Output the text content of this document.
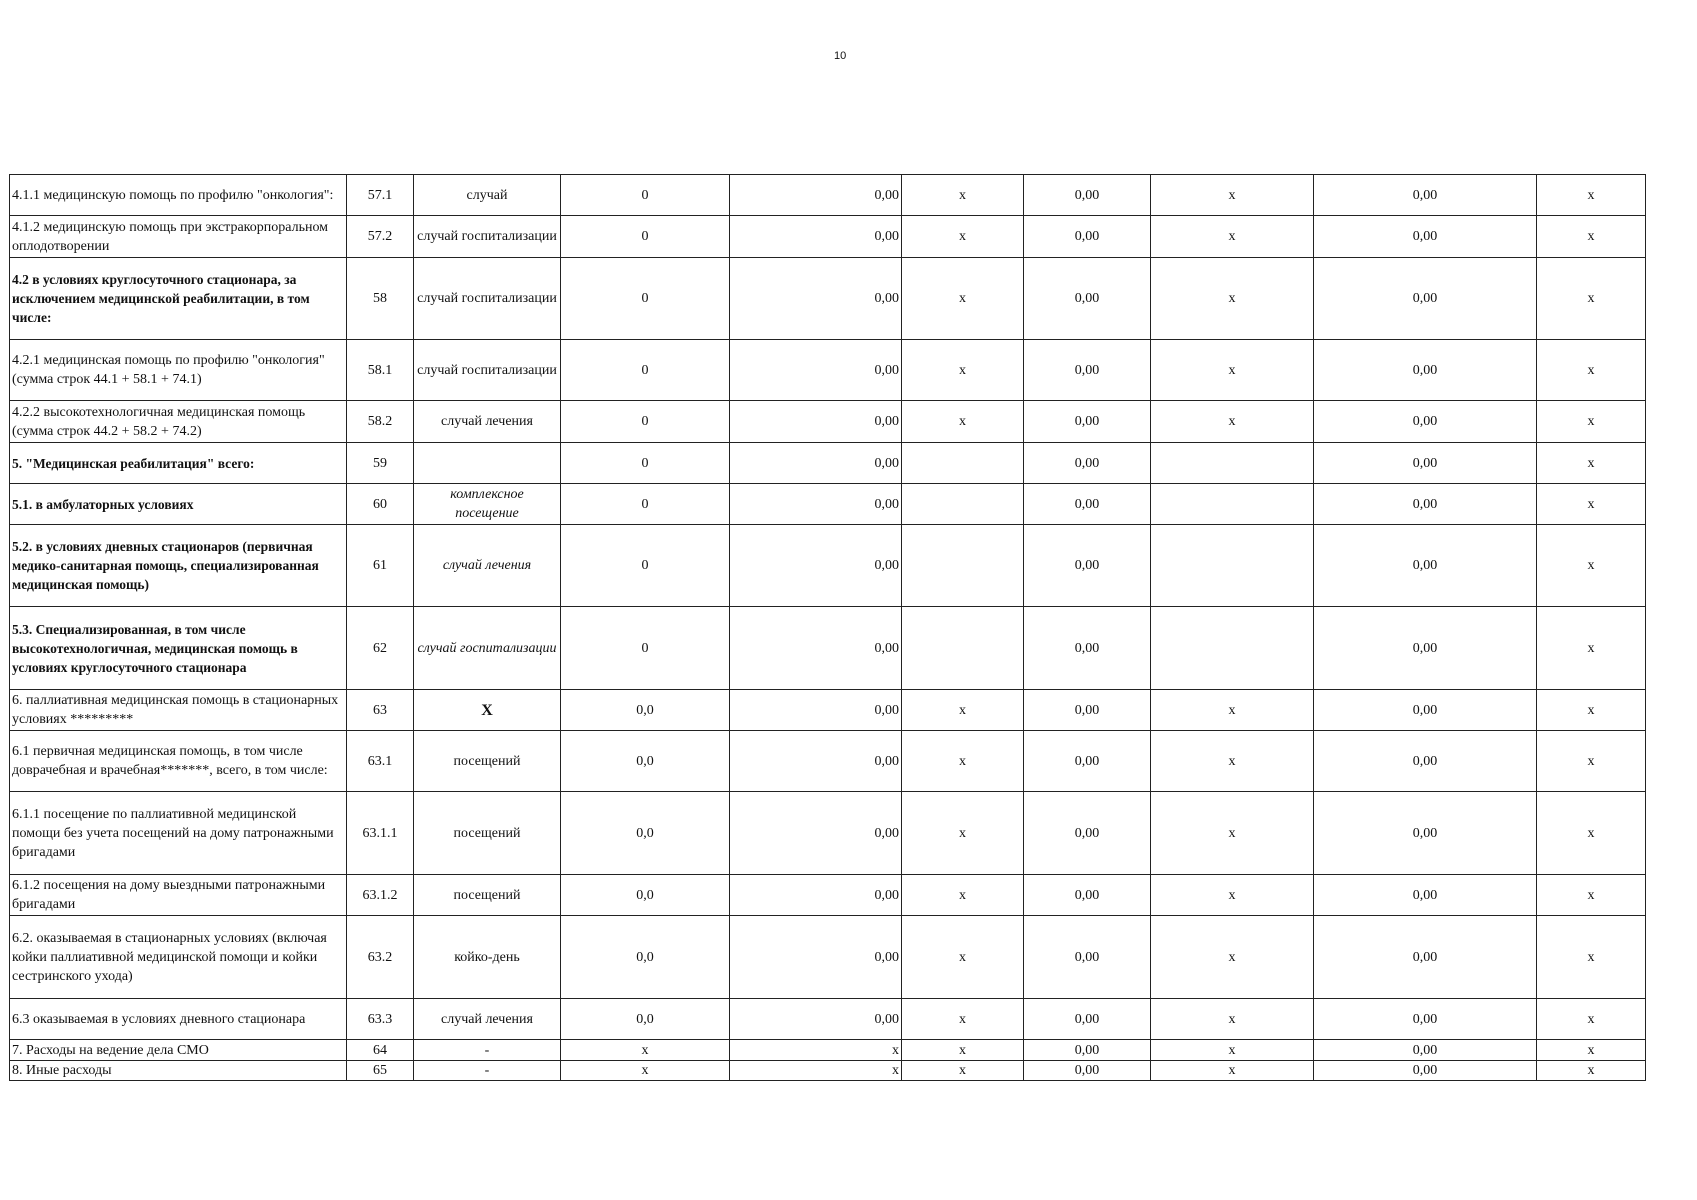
10
4.1.1 медицинскую помощь по профилю "онкология":	57.1	случай	0	0,00	x	0,00	x	0,00	x
4.1.2 медицинскую помощь при экстракорпоральном оплодотворении	57.2	случай госпитализации	0	0,00	x	0,00	x	0,00	x
4.2 в условиях круглосуточного стационара, за исключением медицинской реабилитации, в том числе:	58	случай госпитализации	0	0,00	x	0,00	x	0,00	x
4.2.1 медицинская помощь по профилю "онкология" (сумма строк 44.1 + 58.1 + 74.1)	58.1	случай госпитализации	0	0,00	x	0,00	x	0,00	x
4.2.2 высокотехнологичная медицинская помощь (сумма строк 44.2 + 58.2 + 74.2)	58.2	случай лечения	0	0,00	x	0,00	x	0,00	x
5. "Медицинская реабилитация" всего:	59		0	0,00		0,00		0,00	x
5.1. в амбулаторных условиях	60	комплексное посещение	0	0,00		0,00		0,00	x
5.2. в условиях дневных стационаров (первичная медико-санитарная помощь, специализированная медицинская помощь)	61	случай лечения	0	0,00		0,00		0,00	x
5.3. Специализированная, в том числе высокотехнологичная, медицинская помощь в условиях круглосуточного стационара	62	случай госпитализации	0	0,00		0,00		0,00	x
6. паллиативная медицинская помощь в стационарных условиях *********	63	X	0,0	0,00	x	0,00	x	0,00	x
6.1 первичная медицинская помощь, в том числе доврачебная и врачебная*******, всего, в том числе:	63.1	посещений	0,0	0,00	x	0,00	x	0,00	x
6.1.1 посещение по паллиативной медицинской помощи без учета посещений на дому патронажными бригадами	63.1.1	посещений	0,0	0,00	x	0,00	x	0,00	x
6.1.2 посещения на дому выездными патронажными бригадами	63.1.2	посещений	0,0	0,00	x	0,00	x	0,00	x
6.2. оказываемая в стационарных условиях (включая койки паллиативной медицинской помощи и койки сестринского ухода)	63.2	койко-день	0,0	0,00	x	0,00	x	0,00	x
6.3 оказываемая в условиях дневного стационара	63.3	случай лечения	0,0	0,00	x	0,00	x	0,00	x
7. Расходы на ведение дела СМО	64	-	x	x	x	0,00	x	0,00	x
8. Иные расходы	65	-	x	x	x	0,00	x	0,00	x
